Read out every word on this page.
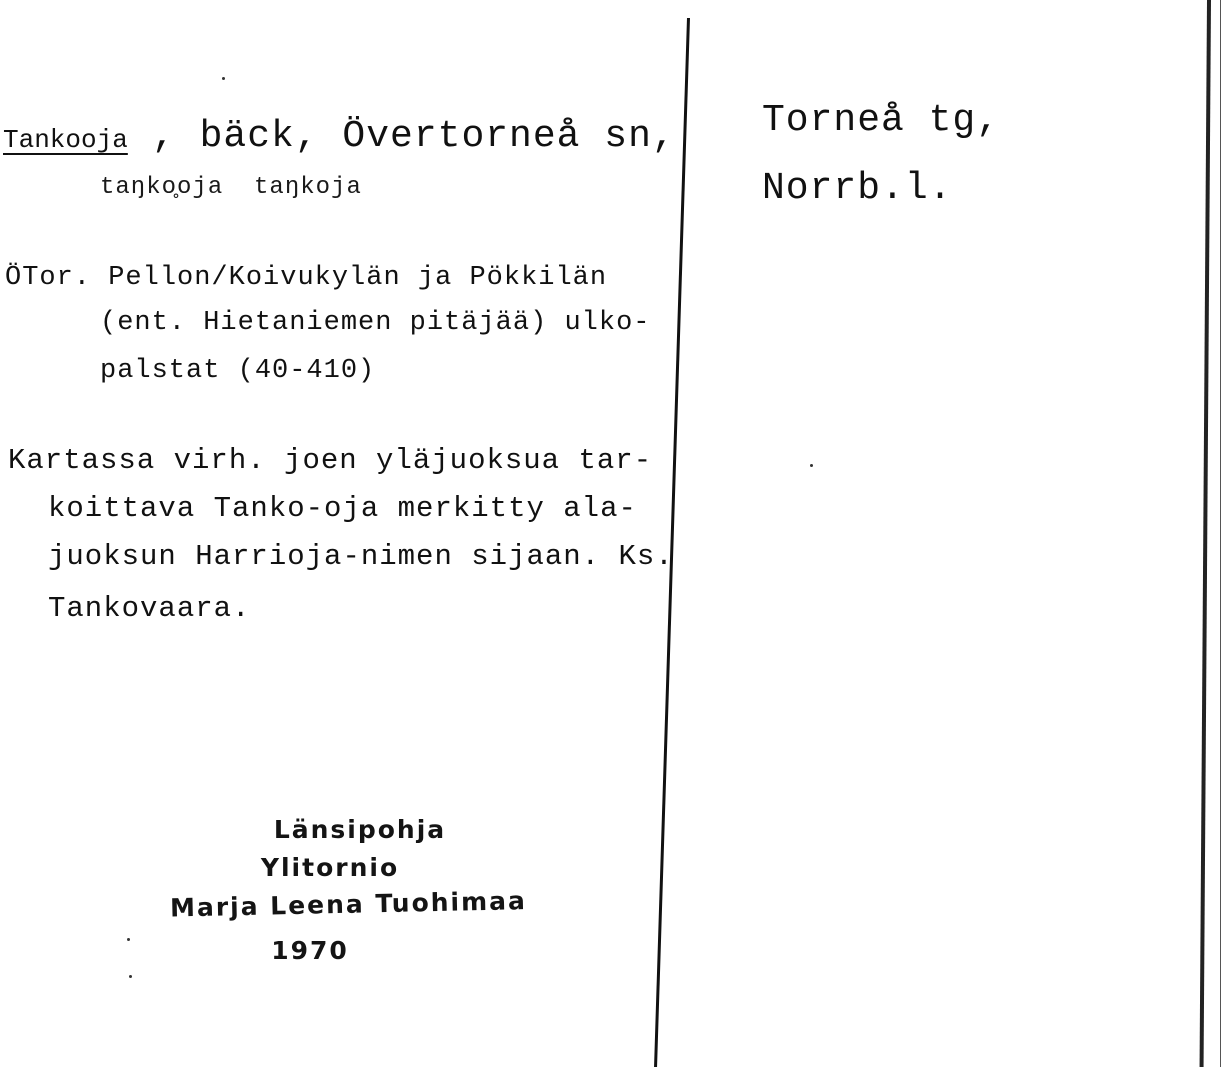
Tankooja , bäck, Övertorneå sn, Torneå tg,
Norrb.l.
taŋko̥oja  taŋkoja
ÖTor. Pellon/Koivukylän ja Pökkilän
(ent. Hietaniemen pitäjää) ulko-
palstat (40-410)
Kartassa virh. joen yläjuoksua tar-
koittava Tanko-oja merkitty ala-
juoksun Harrioja-nimen sijaan. Ks.
Tankovaara.
Länsipohja
Ylitornio
Marja Leena Tuohimaa
1970
